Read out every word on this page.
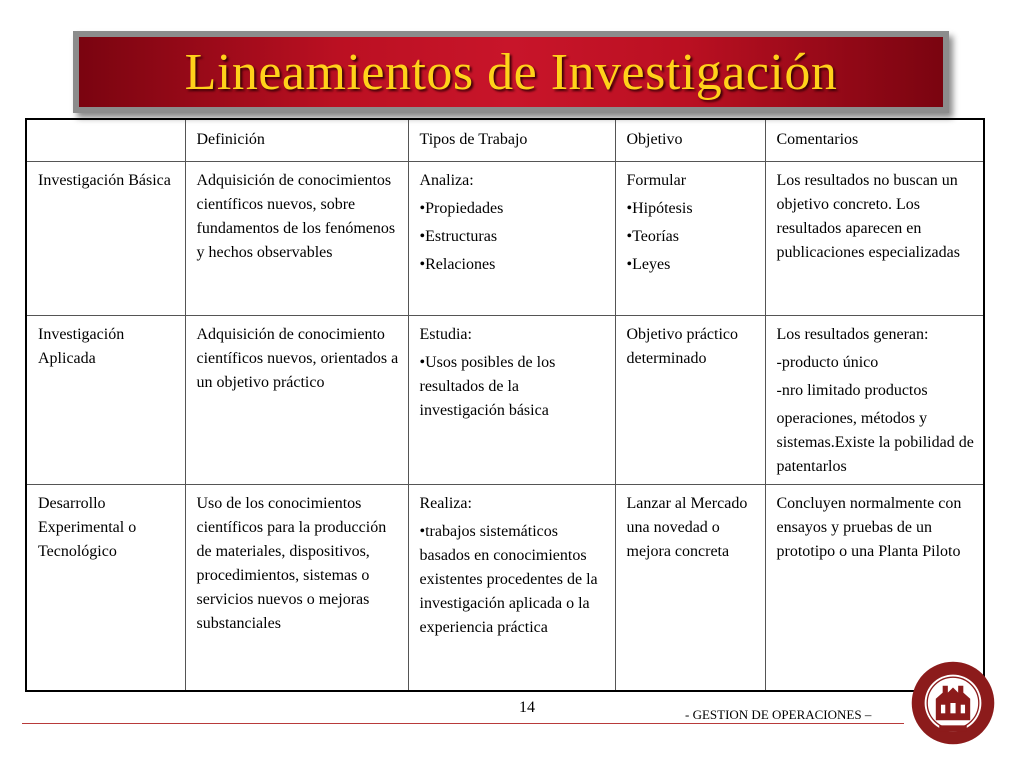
Lineamientos de Investigación
	Definición	Tipos de Trabajo	Objetivo	Comentarios
Investigación Básica	Adquisición de conocimientos científicos nuevos, sobre fundamentos de los fenómenos y hechos observables	Analiza:
•Propiedades
•Estructuras
•Relaciones	Formular
•Hipótesis
•Teorías
•Leyes	Los resultados no buscan un objetivo concreto. Los resultados aparecen en publicaciones especializadas
Investigación Aplicada	Adquisición de conocimiento científicos nuevos, orientados a un objetivo práctico	Estudia:
•Usos posibles de los resultados de la investigación básica	Objetivo práctico determinado	Los resultados generan:
-producto único
-nro limitado productos
operaciones, métodos y sistemas.Existe la pobilidad de patentarlos

Desarrollo Experimental o Tecnológico	Uso de los conocimientos científicos para la producción de materiales, dispositivos, procedimientos, sistemas o servicios nuevos o mejoras substanciales	Realiza:
•trabajos sistemáticos basados en conocimientos existentes procedentes de la investigación aplicada o la experiencia práctica	Lanzar al Mercado una novedad o mejora concreta	Concluyen normalmente con ensayos y pruebas de un prototipo o una Planta Piloto
14	- GESTION DE OPERACIONES –
